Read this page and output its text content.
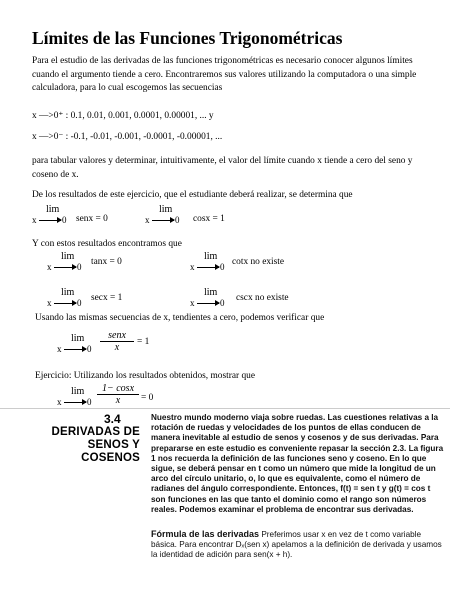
Límites de las Funciones Trigonométricas
Para el estudio de las derivadas de las funciones trigonométricas es necesario conocer algunos límites cuando el argumento tiende a cero. Encontraremos sus valores utilizando la computadora o una simple calculadora, para lo cual escogemos las secuencias
x —>0⁺ : 0.1, 0.01, 0.001, 0.0001, 0.00001, ... y
x —>0⁻ : -0.1, -0.01, -0.001, -0.0001, -0.00001, ...
para tabular valores y determinar, intuitivamente, el valor del límite cuando x tiende a cero del seno y coseno de x.
De los resultados de este ejercicio, que el estudiante deberá realizar, se determina que
lim
x	0 senx = 0
lim
x	0 cosx = 1
Y con estos resultados encontramos que
lim
x	0 tanx = 0	lim
x	0 cotx no existe
lim
x	0 secx = 1	lim
x	0 cscx no existe
Usando las mismas secuencias de x, tendientes a cero, podemos verificar que
lim
x	0
senx
x	= 1
Ejercicio: Utilizando los resultados obtenidos, mostrar que
lim
x	$0 \frac{1- \cos x}{x} = 0$
3.4
DERIVADAS DE SENOS Y COSENOS
Nuestro mundo moderno viaja sobre ruedas. Las cuestiones relativas a la rotación de ruedas y velocidades de los puntos de ellas conducen de manera inevitable al estudio de senos y cosenos y de sus derivadas. Para prepararse en este estudio es conveniente repasar la sección 2.3. La figura 1 nos recuerda la definición de las funciones seno y coseno. En lo que sigue, se deberá pensar en t como un número que mide la longitud de un arco del círculo unitario, o, lo que es equivalente, como el número de radianes del ángulo correspondiente. Entonces, f(t) = sen t y g(t) = cos t son funciones en las que tanto el dominio como el rango son números reales. Podemos examinar el problema de encontrar sus derivadas.
Fórmula de las derivadas Preferimos usar x en vez de t como variable básica. Para encontrar Dₓ(sen x) apelamos a la definición de derivada y usamos la identidad de adición para sen(x + h).
